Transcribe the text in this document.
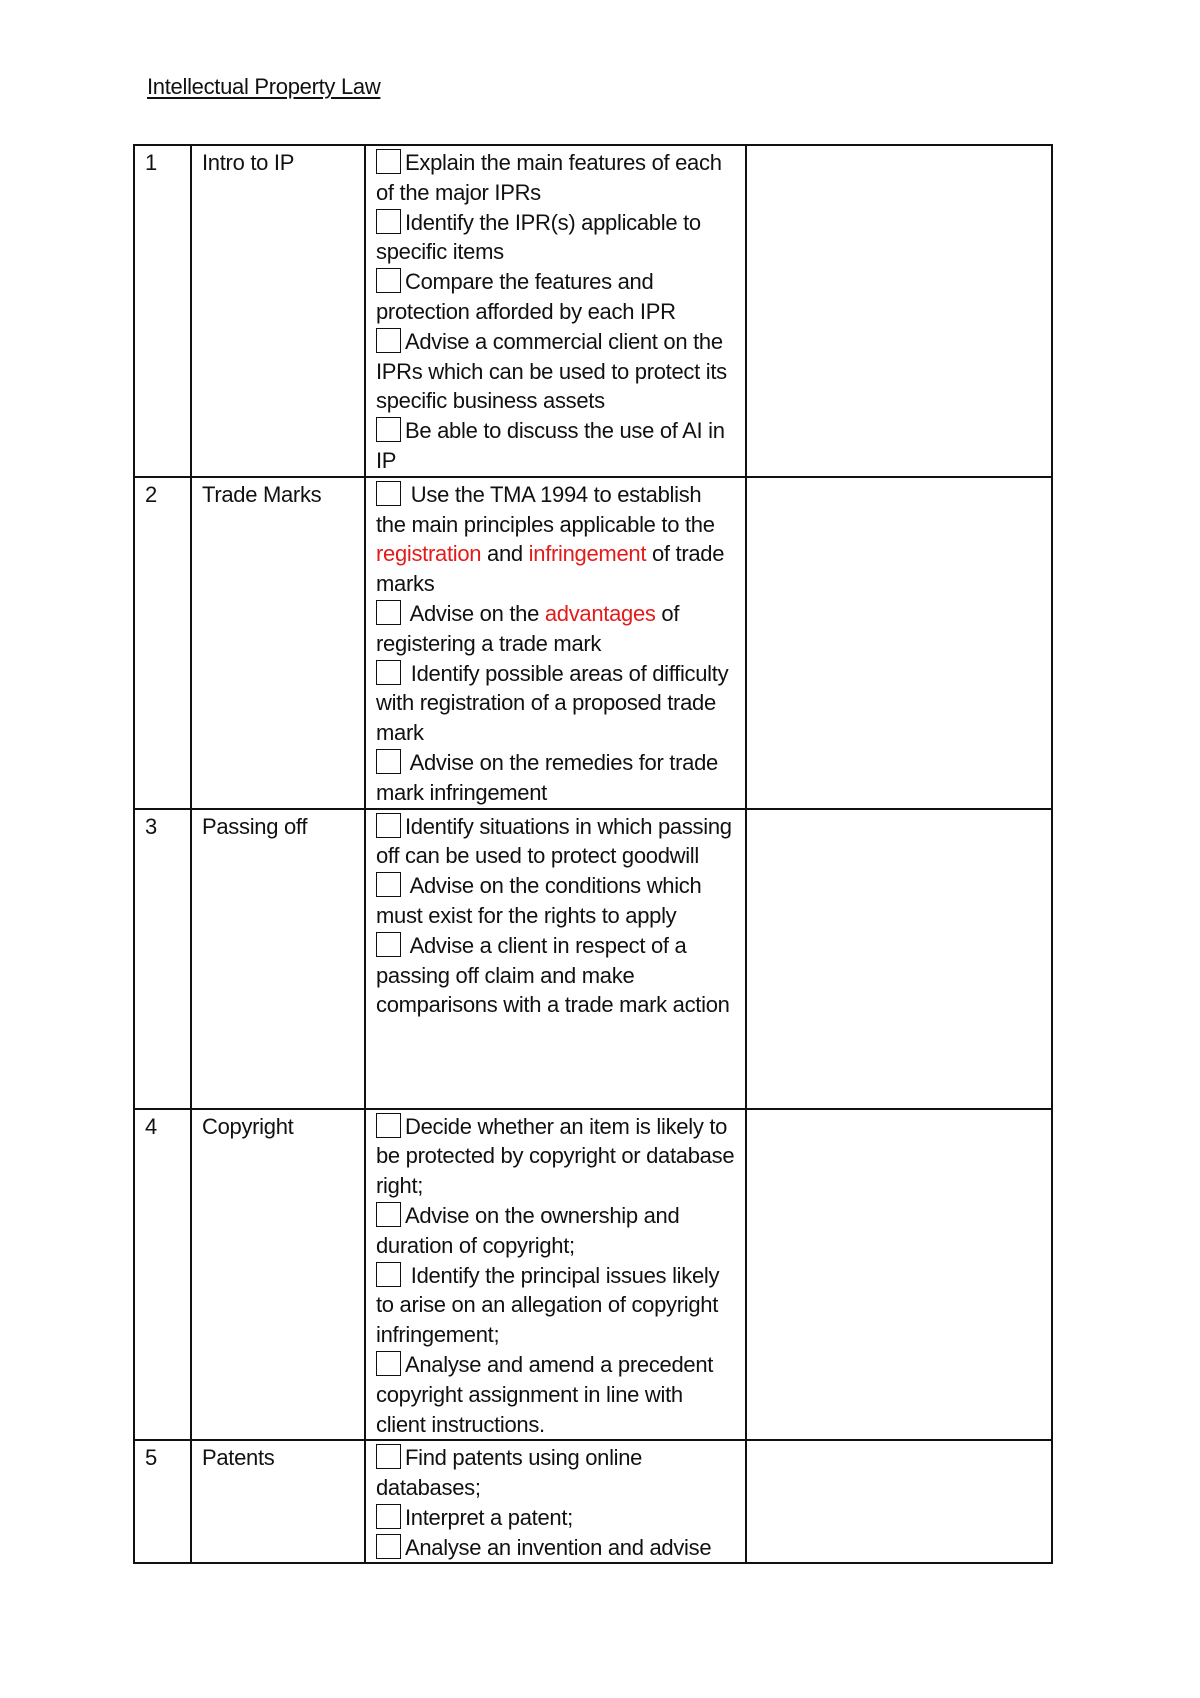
Intellectual Property Law
1	Intro to IP	Explain the main features of each of the major IPRs
Identify the IPR(s) applicable to specific items
Compare the features and protection afforded by each IPR
Advise a commercial client on the IPRs which can be used to protect its specific business assets
Be able to discuss the use of AI in IP	

2	Trade Marks	Use the TMA 1994 to establish the main principles applicable to the registration and infringement of trade marks
Advise on the advantages of registering a trade mark
Identify possible areas of difficulty with registration of a proposed trade mark
Advise on the remedies for trade mark infringement	

3	Passing off	Identify situations in which passing off can be used to protect goodwill
Advise on the conditions which must exist for the rights to apply
Advise a client in respect of a passing off claim and make comparisons with a trade mark action	

4	Copyright	Decide whether an item is likely to be protected by copyright or database right;
Advise on the ownership and duration of copyright;
Identify the principal issues likely to arise on an allegation of copyright infringement;
Analyse and amend a precedent copyright assignment in line with client instructions.	

5	Patents	Find patents using online databases;
Interpret a patent;
Analyse an invention and advise	
